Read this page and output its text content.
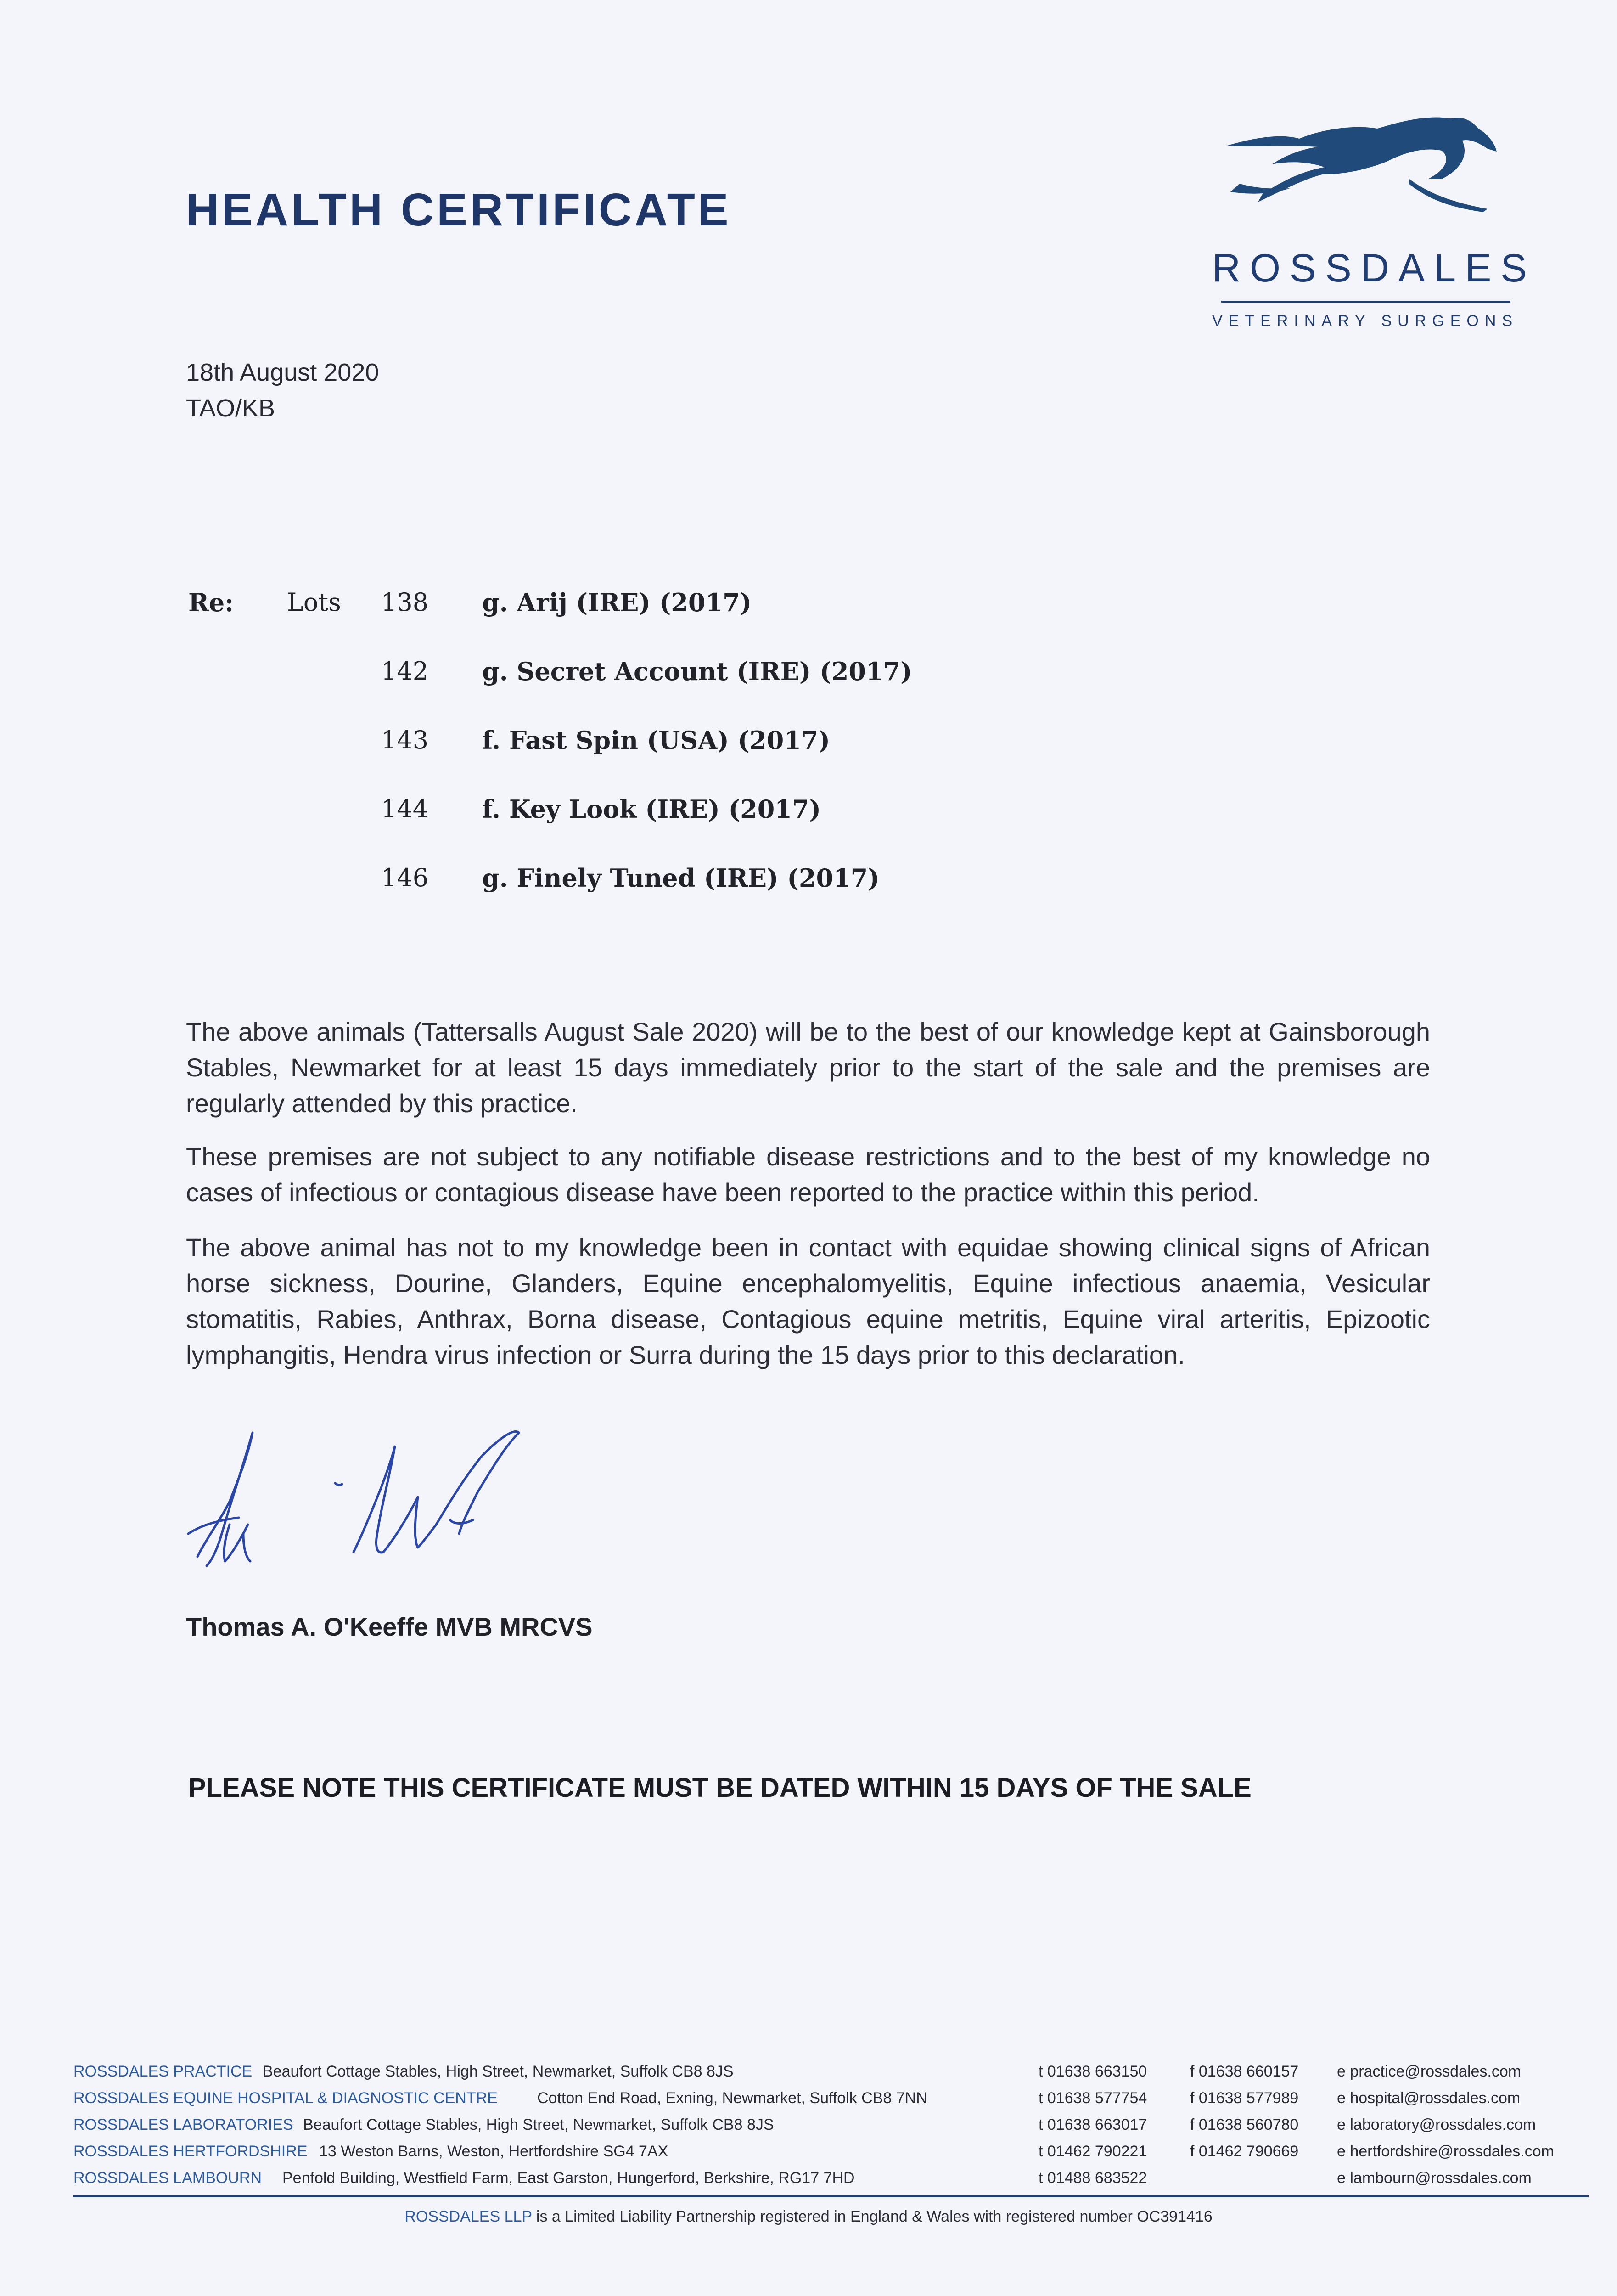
HEALTH CERTIFICATE
ROSSDALES
VETERINARY SURGEONS
18th August 2020
TAO/KB
Re: Lots 138 g. Arij (IRE) (2017)
142 g. Secret Account (IRE) (2017)
143 f. Fast Spin (USA) (2017)
144 f. Key Look (IRE) (2017)
146 g. Finely Tuned (IRE) (2017)
The above animals (Tattersalls August Sale 2020) will be to the best of our knowledge kept at Gainsborough Stables, Newmarket for at least 15 days immediately prior to the start of the sale and the premises are regularly attended by this practice.
These premises are not subject to any notifiable disease restrictions and to the best of my knowledge no cases of infectious or contagious disease have been reported to the practice within this period.
The above animal has not to my knowledge been in contact with equidae showing clinical signs of African horse sickness, Dourine, Glanders, Equine encephalomyelitis, Equine infectious anaemia, Vesicular stomatitis, Rabies, Anthrax, Borna disease, Contagious equine metritis, Equine viral arteritis, Epizootic lymphangitis, Hendra virus infection or Surra during the 15 days prior to this declaration.
Thomas A. O'Keeffe MVB MRCVS
PLEASE NOTE THIS CERTIFICATE MUST BE DATED WITHIN 15 DAYS OF THE SALE
ROSSDALES PRACTICE Beaufort Cottage Stables, High Street, Newmarket, Suffolk CB8 8JS	t 01638 663150	f 01638 660157 e practice@rossdales.com
ROSSDALES EQUINE HOSPITAL & DIAGNOSTIC CENTRE	Cotton End Road, Exning, Newmarket, Suffolk CB8 7NN	t 01638 577754	f 01638 577989 e hospital@rossdales.com
ROSSDALES LABORATORIES Beaufort Cottage Stables, High Street, Newmarket, Suffolk CB8 8JS	t 01638 663017	f 01638 560780 e laboratory@rossdales.com
ROSSDALES HERTFORDSHIRE 13 Weston Barns, Weston, Hertfordshire SG4 7AX	t 01462 790221	f 01462 790669 e hertfordshire@rossdales.com
ROSSDALES LAMBOURN Penfold Building, Westfield Farm, East Garston, Hungerford, Berkshire, RG17 7HD	t 01488 683522	e lambourn@rossdales.com
ROSSDALES LLP is a Limited Liability Partnership registered in England & Wales with registered number OC391416
